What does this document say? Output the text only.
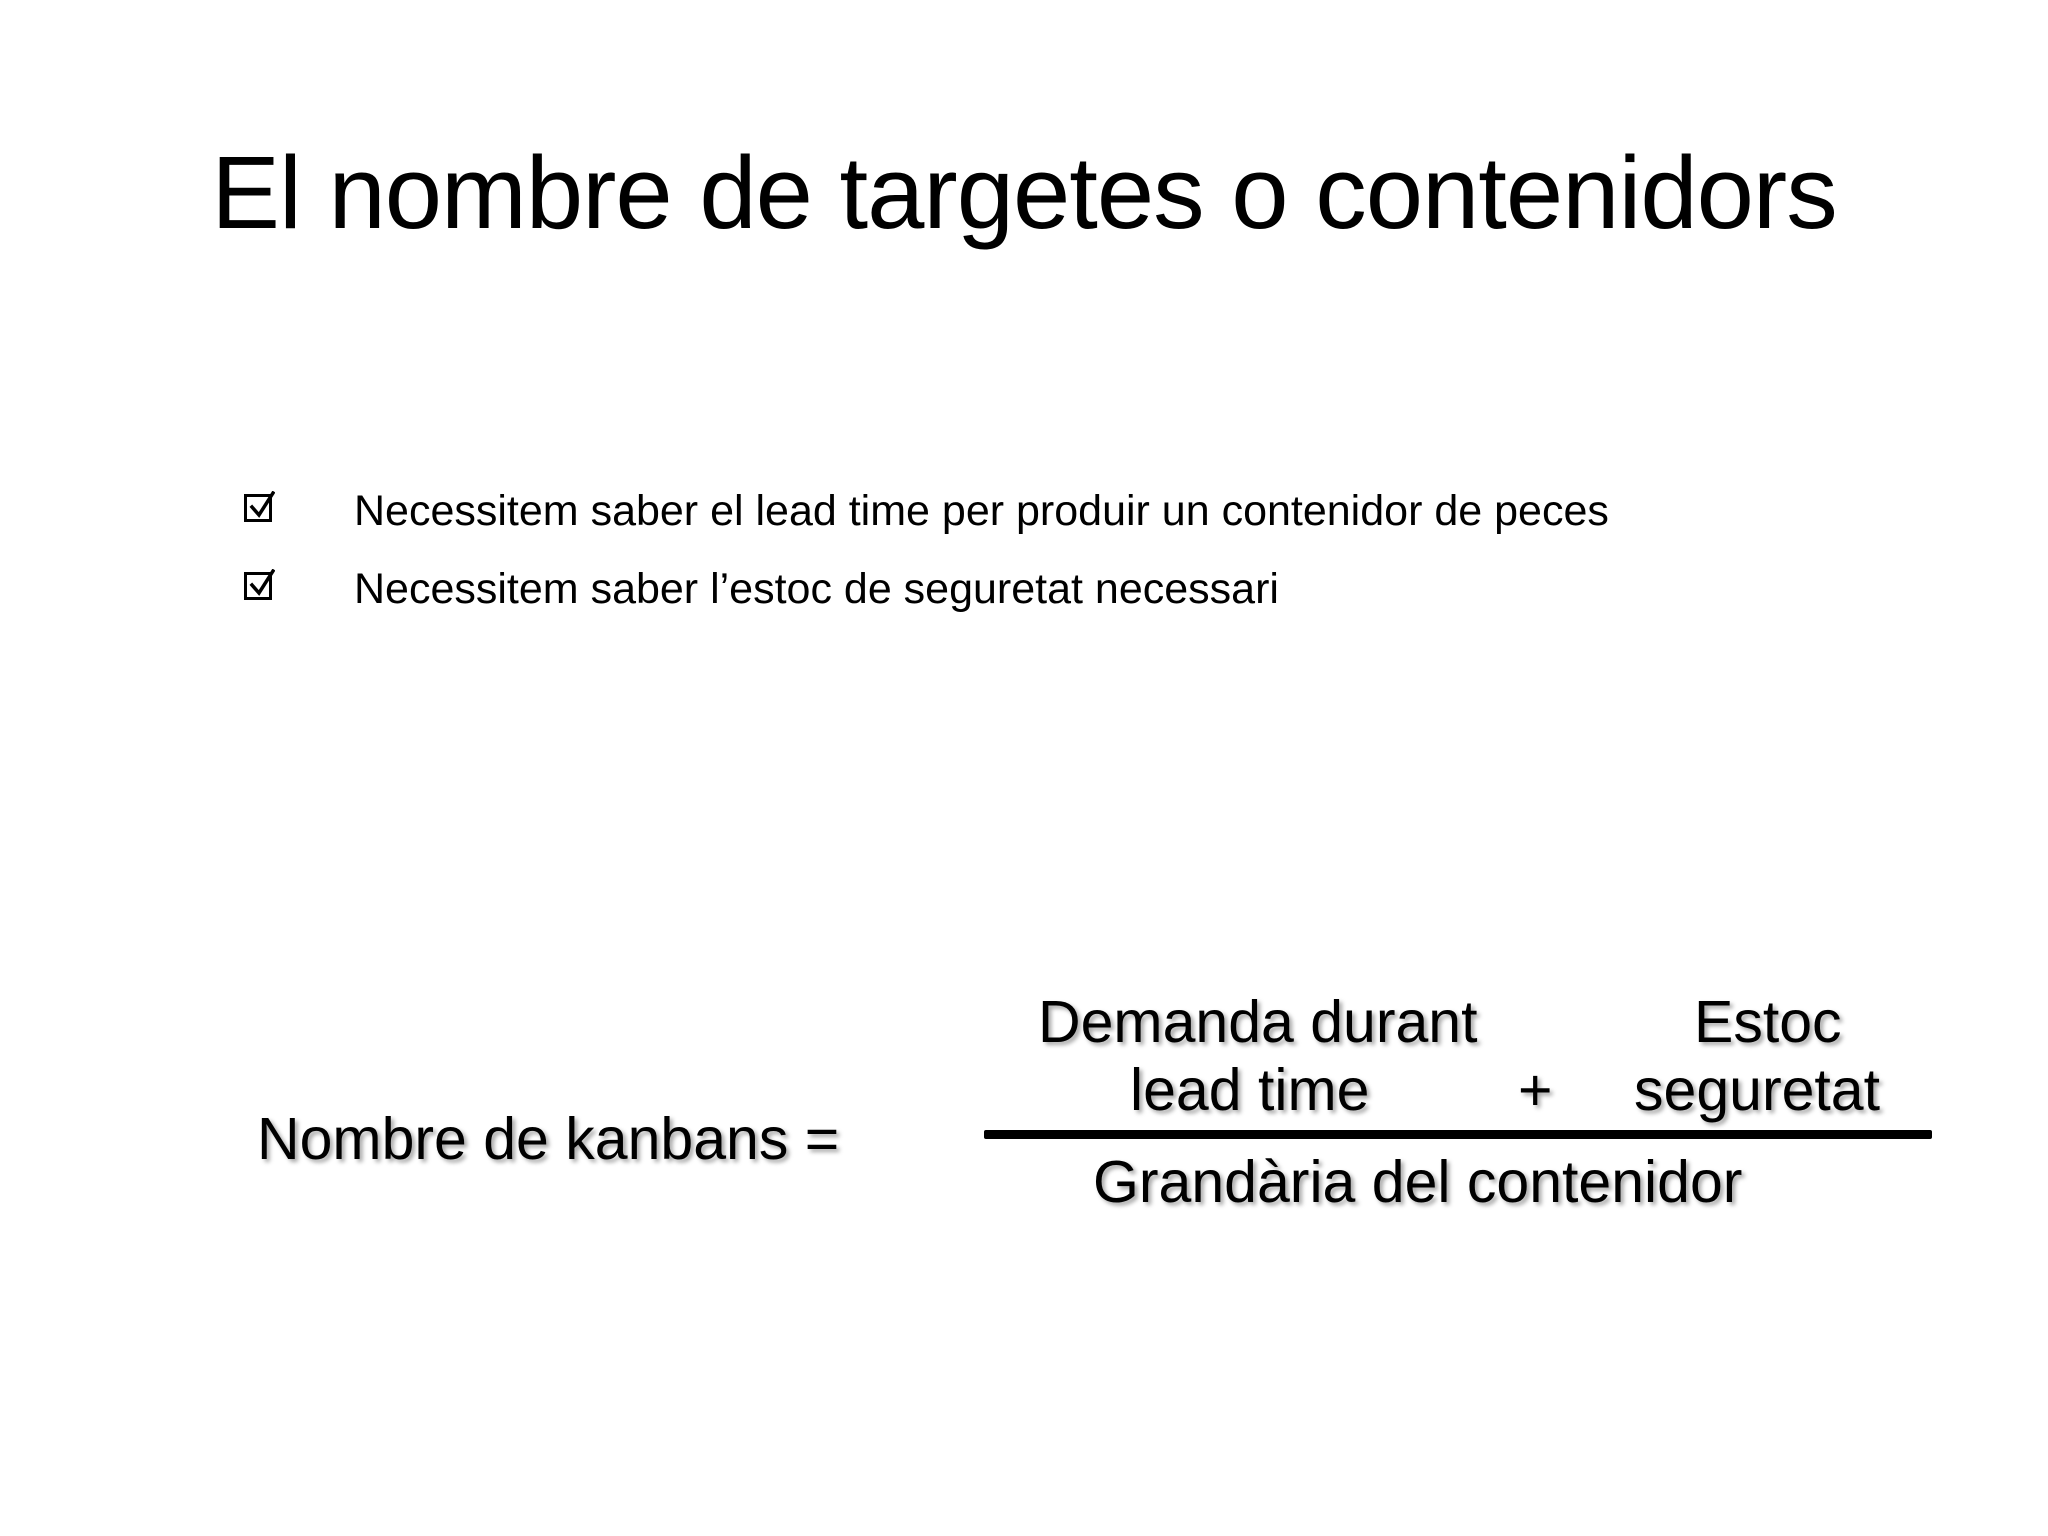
El nombre de targetes o contenidors
Necessitem saber el lead time per produir un contenidor de peces
Necessitem saber l’estoc de seguretat necessari
Nombre de kanbans =
Demanda durant
lead time	+
Estoc
seguretat
Grandària del contenidor
